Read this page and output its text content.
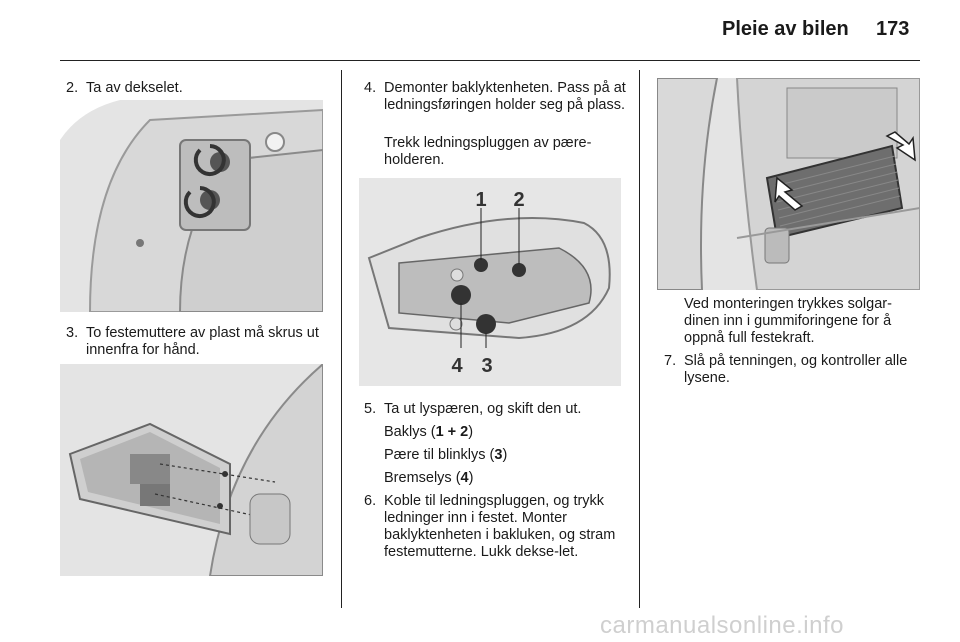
Pleie av bilen 173
2. Ta av dekselet.
3. To festemuttere av plast må skrus ut innenfra for hånd.
4. Demonter baklyktenheten. Pass på at ledningsføringen holder seg på plass.
Trekk ledningspluggen av pære-holderen.
1 2
4 3
5. Ta ut lyspæren, og skift den ut.
Baklys (1 + 2)
Pære til blinklys (3)
Bremselys (4)
6. Koble til ledningspluggen, og trykk ledninger inn i festet. Monter baklyktenheten i bakluken, og stram festemutterne. Lukk dekse-let.
Ved monteringen trykkes solgar-dinen inn i gummiforingene for å oppnå full festekraft.
7. Slå på tenningen, og kontroller alle lysene.
carmanualsonline.info
